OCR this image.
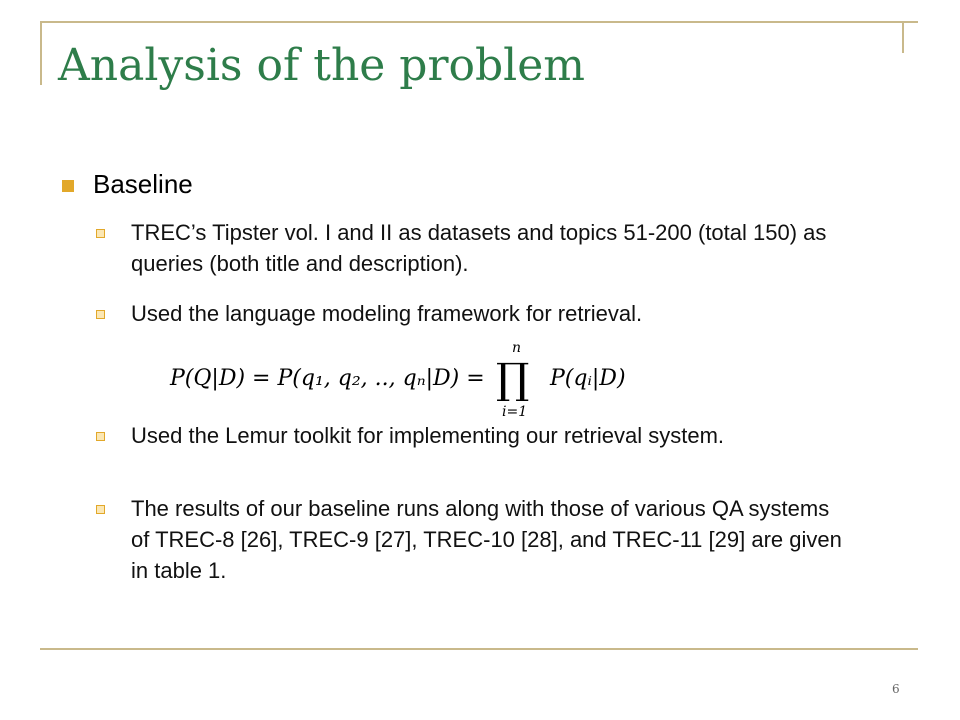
Analysis of the problem
Baseline
TREC’s Tipster vol. I and II as datasets and topics 51-200 (total 150) as queries (both title and description).
Used the language modeling framework for retrieval.
P(Q|D) = P(q₁, q₂, .., qₙ|D) =
n
∏
i=1
P(qᵢ|D)
Used the Lemur toolkit for implementing our retrieval system.
The results of our baseline runs along with those of various QA systems of TREC-8 [26], TREC-9 [27], TREC-10 [28], and TREC-11 [29] are given in table 1.
6
